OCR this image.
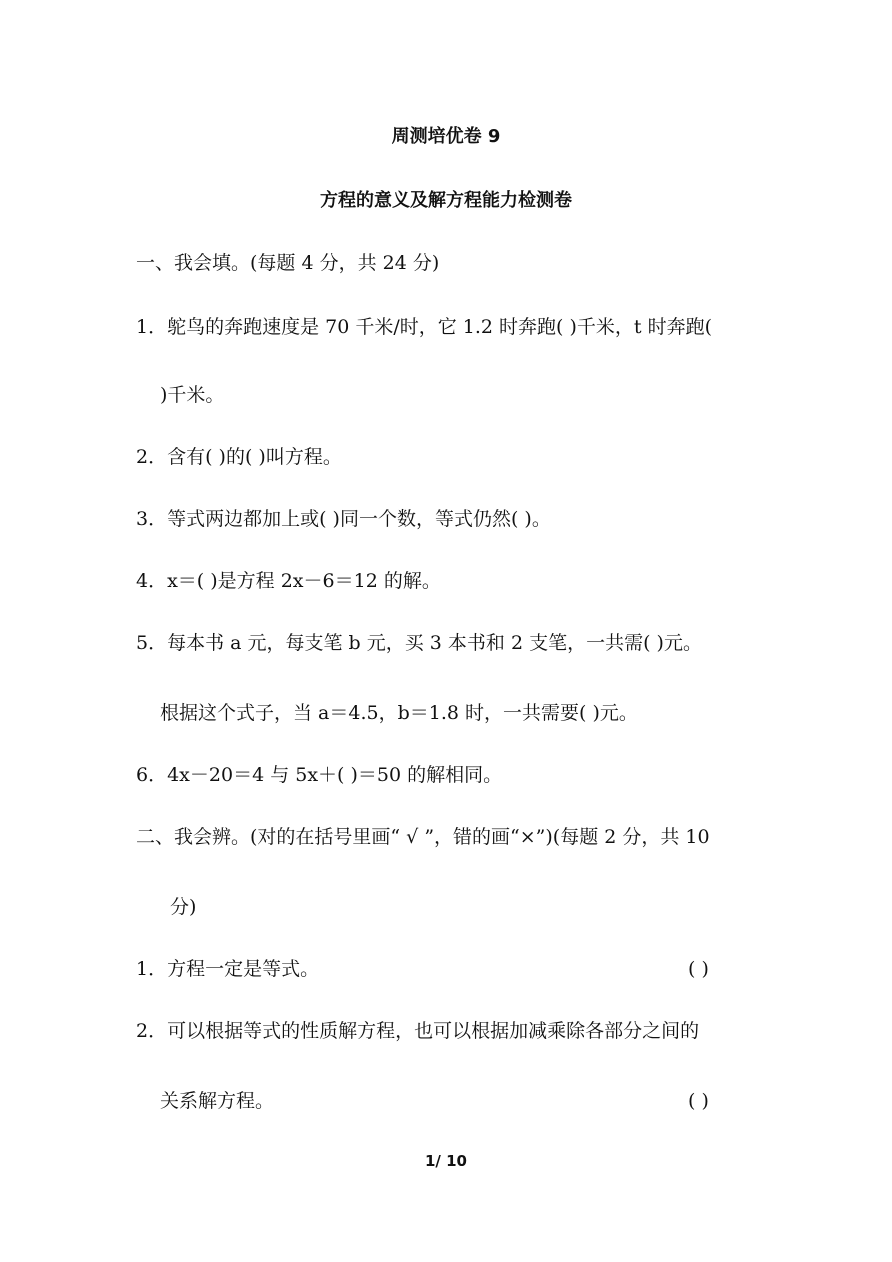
周测培优卷 9
方程的意义及解方程能力检测卷
一、我会填。(每题 4 分，共 24 分)
1．鸵鸟的奔跑速度是 70 千米/时，它 1.2 时奔跑( )千米，t 时奔跑(
)千米。
2．含有( )的( )叫方程。
3．等式两边都加上或( )同一个数，等式仍然( )。
4．x＝( )是方程 2x－6＝12 的解。
5．每本书 a 元，每支笔 b 元，买 3 本书和 2 支笔，一共需( )元。
根据这个式子，当 a＝4.5，b＝1.8 时，一共需要( )元。
6．4x－20＝4 与 5x＋( )＝50 的解相同。
二、我会辨。(对的在括号里画“ √ ”，错的画“×”)(每题 2 分，共 10
分)
1．方程一定是等式。	( )
2．可以根据等式的性质解方程，也可以根据加减乘除各部分之间的
关系解方程。	( )
1/ 10
